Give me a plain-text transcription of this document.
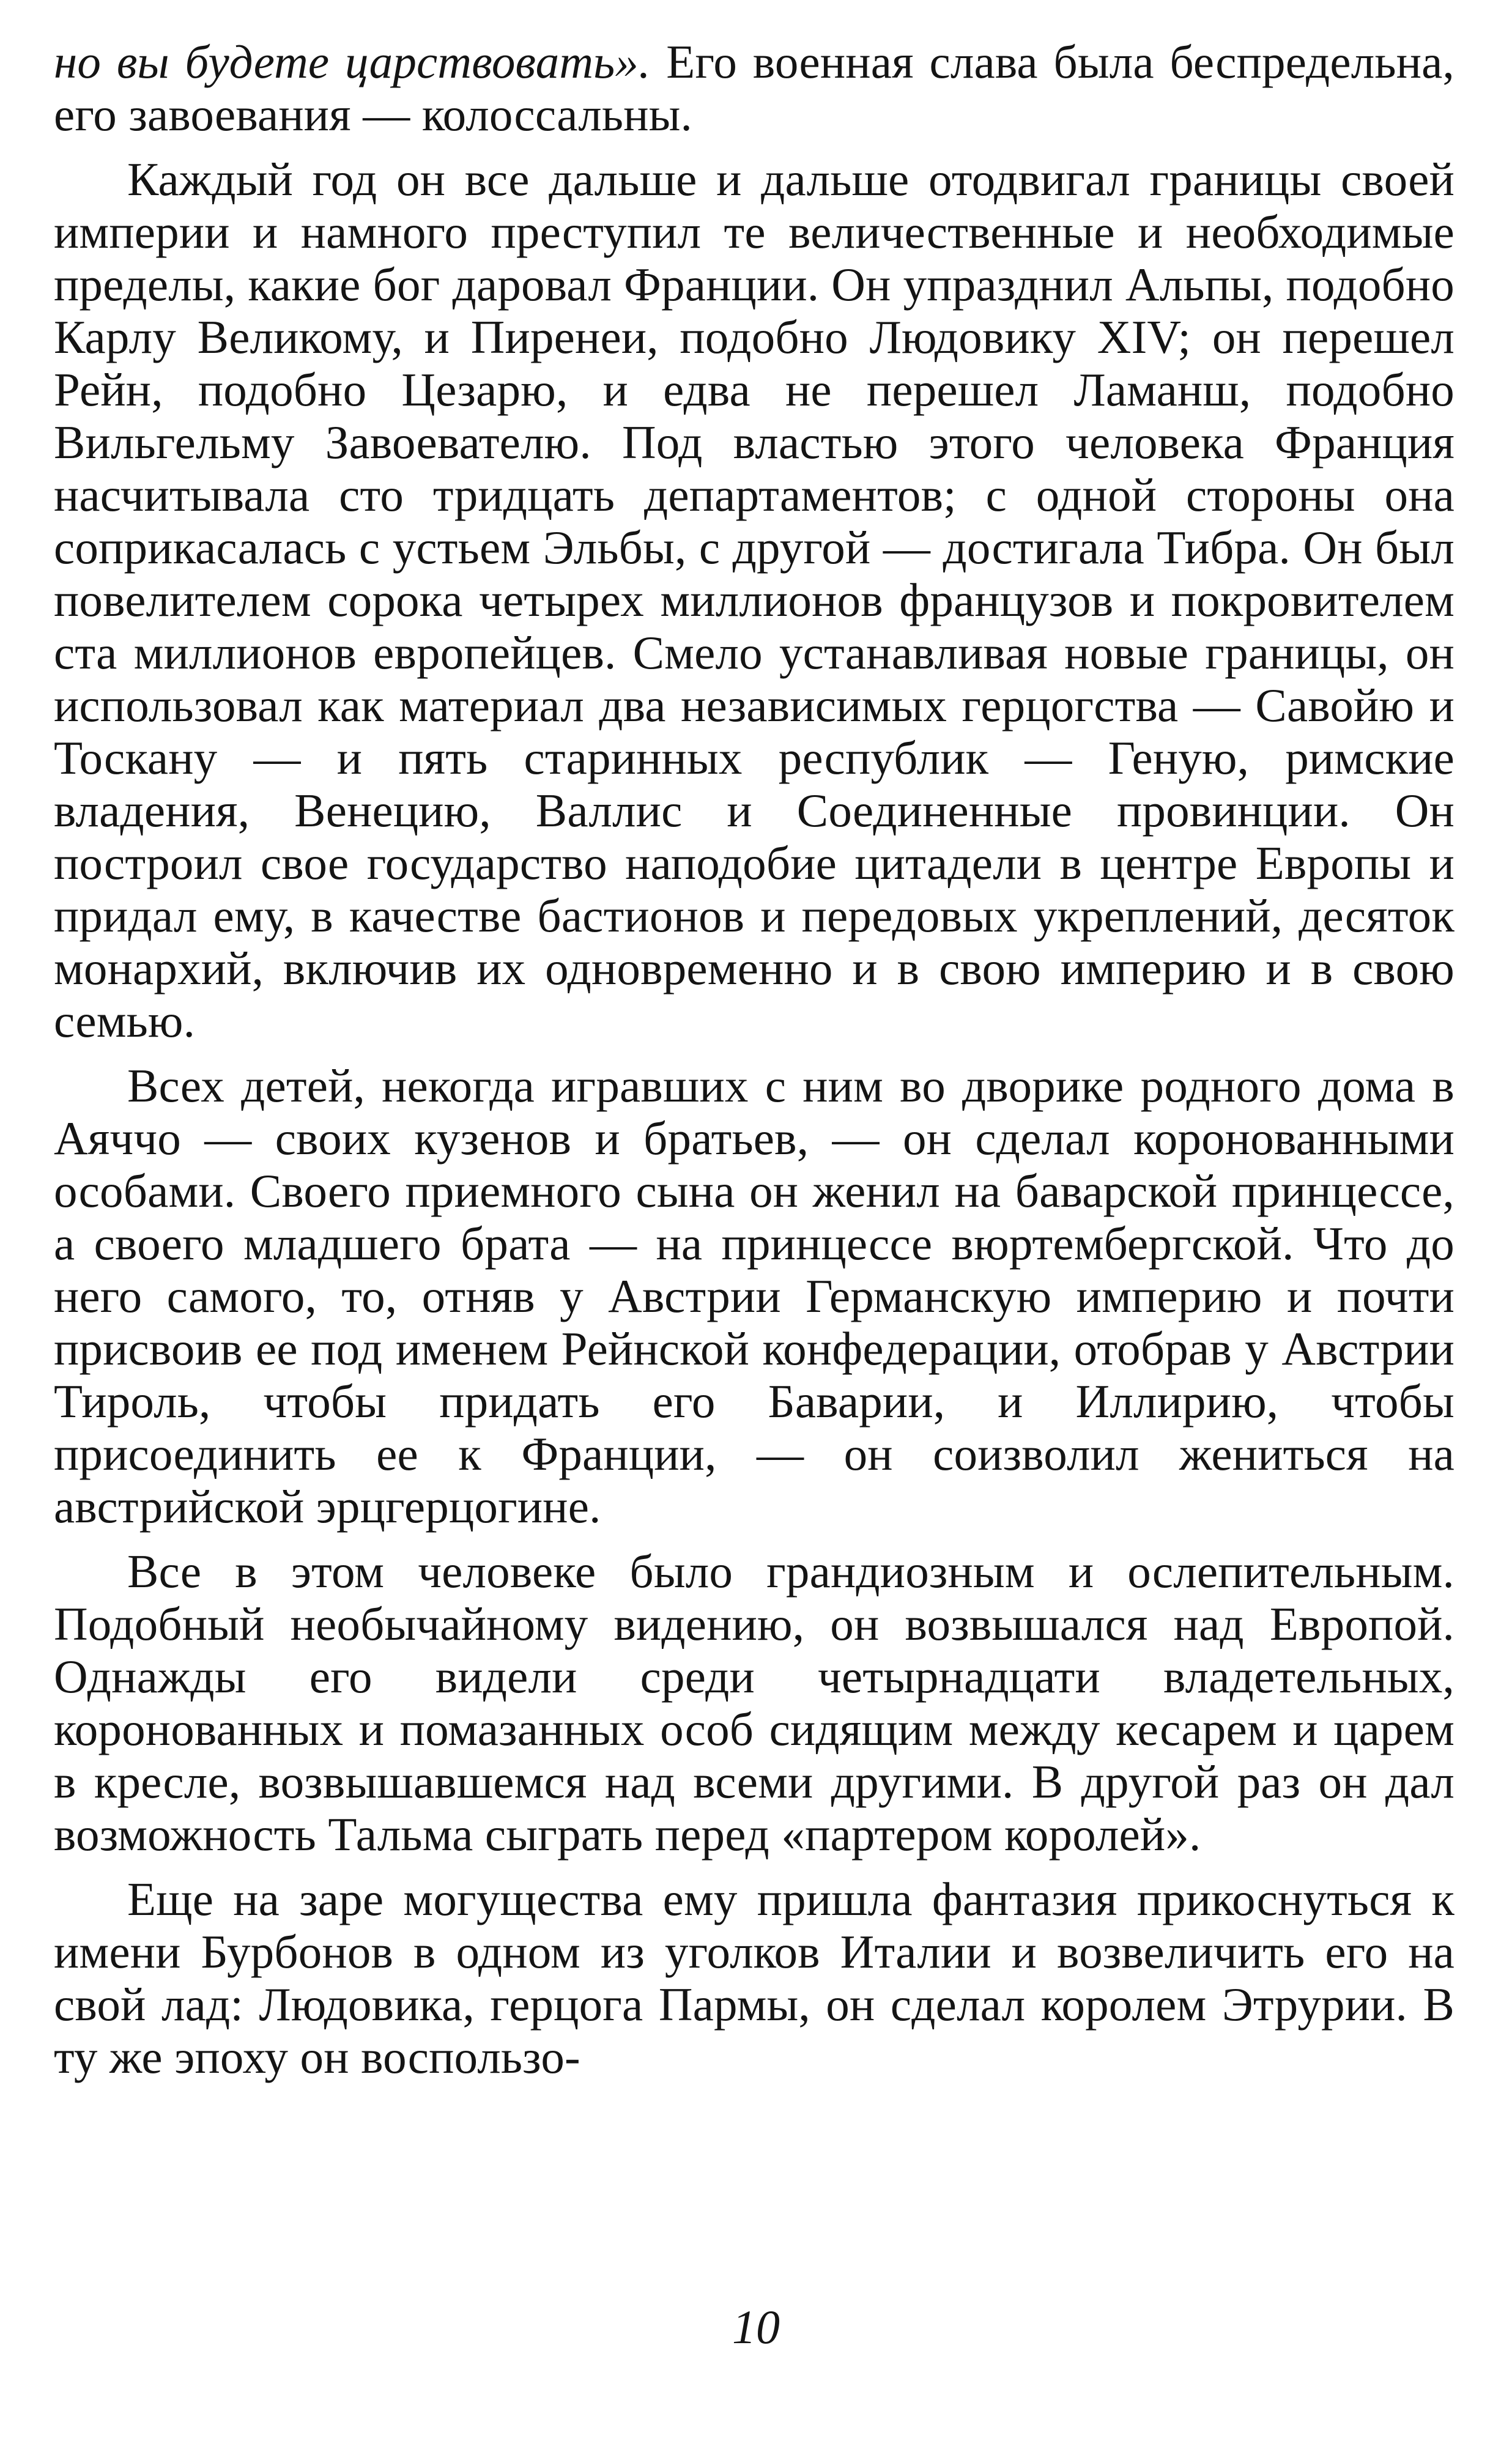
но вы будете царствовать». Его военная слава была беспредельна, его завоевания — колоссальны.

Каждый год он все дальше и дальше отодвигал границы своей империи и намного преступил те величественные и необходимые пределы, какие бог даровал Франции. Он упразднил Альпы, подобно Карлу Великому, и Пиренеи, подобно Людовику XIV; он перешел Рейн, подобно Цезарю, и едва не перешел Ламанш, подобно Вильгельму Завоевателю. Под властью этого человека Франция насчитывала сто тридцать департаментов; с одной стороны она соприкасалась с устьем Эльбы, с другой — достигала Тибра. Он был повелителем сорока четырех миллионов французов и покровителем ста миллионов европейцев. Смело устанавливая новые границы, он использовал как материал два независимых герцогства — Савойю и Тоскану — и пять старинных республик — Геную, римские владения, Венецию, Валлис и Соединенные провинции. Он построил свое государство наподобие цитадели в центре Европы и придал ему, в качестве бастионов и передовых укреплений, десяток монархий, включив их одновременно и в свою империю и в свою семью.

Всех детей, некогда игравших с ним во дворике родного дома в Аяччо — своих кузенов и братьев, — он сделал коронованными особами. Своего приемного сына он женил на баварской принцессе, а своего младшего брата — на принцессе вюртембергской. Что до него самого, то, отняв у Австрии Германскую империю и почти присвоив ее под именем Рейнской конфедерации, отобрав у Австрии Тироль, чтобы придать его Баварии, и Иллирию, чтобы присоединить ее к Франции, — он соизволил жениться на австрийской эрцгерцогине.

Все в этом человеке было грандиозным и ослепительным. Подобный необычайному видению, он возвышался над Европой. Однажды его видели среди четырнадцати владетельных, коронованных и помазанных особ сидящим между кесарем и царем в кресле, возвышавшемся над всеми другими. В другой раз он дал возможность Тальма сыграть перед «партером королей».

Еще на заре могущества ему пришла фантазия прикоснуться к имени Бурбонов в одном из уголков Италии и возвеличить его на свой лад: Людовика, герцога Пармы, он сделал королем Этрурии. В ту же эпоху он воспользо-

10
